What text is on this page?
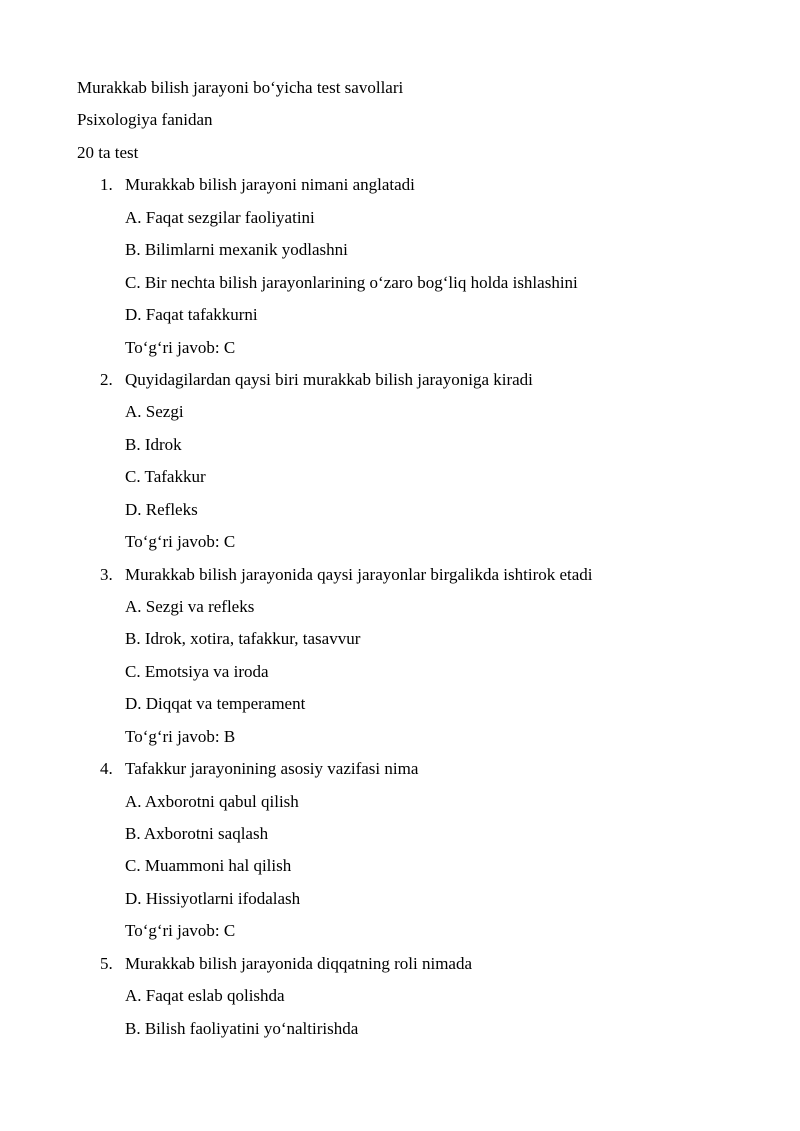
Murakkab bilish jarayoni bo‘yicha test savollari
Psixologiya fanidan
20 ta test
1. Murakkab bilish jarayoni nimani anglatadi
A. Faqat sezgilar faoliyatini
B. Bilimlarni mexanik yodlashni
C. Bir nechta bilish jarayonlarining o‘zaro bog‘liq holda ishlashini
D. Faqat tafakkurni
To‘g‘ri javob: C
2. Quyidagilardan qaysi biri murakkab bilish jarayoniga kiradi
A. Sezgi
B. Idrok
C. Tafakkur
D. Refleks
To‘g‘ri javob: C
3. Murakkab bilish jarayonida qaysi jarayonlar birgalikda ishtirok etadi
A. Sezgi va refleks
B. Idrok, xotira, tafakkur, tasavvur
C. Emotsiya va iroda
D. Diqqat va temperament
To‘g‘ri javob: B
4. Tafakkur jarayonining asosiy vazifasi nima
A. Axborotni qabul qilish
B. Axborotni saqlash
C. Muammoni hal qilish
D. Hissiyotlarni ifodalash
To‘g‘ri javob: C
5. Murakkab bilish jarayonida diqqatning roli nimada
A. Faqat eslab qolishda
B. Bilish faoliyatini yo‘naltirishda
